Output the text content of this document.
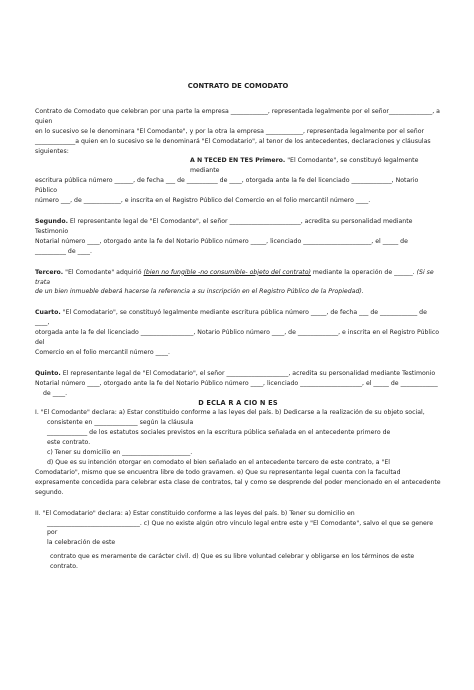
CONTRATO DE COMODATO

Contrato de Comodato que celebran por una parte la empresa ____________, representada legalmente por el señor______________, a quien

en lo sucesivo se le denominara "El Comodante", y por la otra la empresa ____________, representada legalmente por el señor

_____________a quien en lo sucesivo se le denominará "El Comodatario", al tenor de los antecedentes, declaraciones y cláusulas

siguientes:

A N TECED EN TES Primero. "El Comodante", se constituyó legalmente mediante

escritura pública número ______, de fecha ___ de __________ de ____, otorgada ante la fe del licenciado _____________, Notario Público

número ___, de ____________, e inscrita en el Registro Público del Comercio en el folio mercantil número ____.

Segundo. El representante legal de "El Comodante", el señor _______________________, acredita su personalidad mediante Testimonio

Notarial número ____, otorgado ante la fe del Notario Público número _____, licenciado ______________________, el _____ de

__________ de ____.

Tercero. "El Comodante" adquirió (bien no fungible -no consumible- objeto del contrato) mediante la operación de ______. (Si se trata

de un bien inmueble deberá hacerse la referencia a su inscripción en el Registro Público de la Propiedad).

Cuarto. "El Comodatario", se constituyó legalmente mediante escritura pública número _____, de fecha ___ de ____________ de ____,

otorgada ante la fe del licenciado _________________, Notario Público número ____, de _____________, e inscrita en el Registro Público del

Comercio en el folio mercantil número ____.

Quinto. El representante legal de "El Comodatario", el señor ____________________, acredita su personalidad mediante Testimonio

Notarial número ____, otorgado ante la fe del Notario Público número ____, licenciado ____________________, el _____ de ____________

de ____.

D ECLA R A CIO N ES

I. "El Comodante" declara: a) Estar constituido conforme a las leyes del país. b) Dedicarse a la realización de su objeto social,

consistente en ______________ según la cláusula

_____________ de los estatutos sociales previstos en la escritura pública señalada en el antecedente primero de

este contrato.

c) Tener su domicilio en ______________________.

d) Que es su intención otorgar en comodato el bien señalado en el antecedente tercero de este contrato, a "El

Comodatario", mismo que se encuentra libre de todo gravamen. e) Que su representante legal cuenta con la facultad

expresamente concedida para celebrar esta clase de contratos, tal y como se desprende del poder mencionado en el antecedente

segundo.

II. "El Comodatario" declara: a) Estar constituido conforme a las leyes del país. b) Tener su domicilio en

______________________________. c) Que no existe algún otro vínculo legal entre este y "El Comodante", salvo el que se genere por

la celebración de este

contrato que es meramente de carácter civil. d) Que es su libre voluntad celebrar y obligarse en los términos de este contrato.
